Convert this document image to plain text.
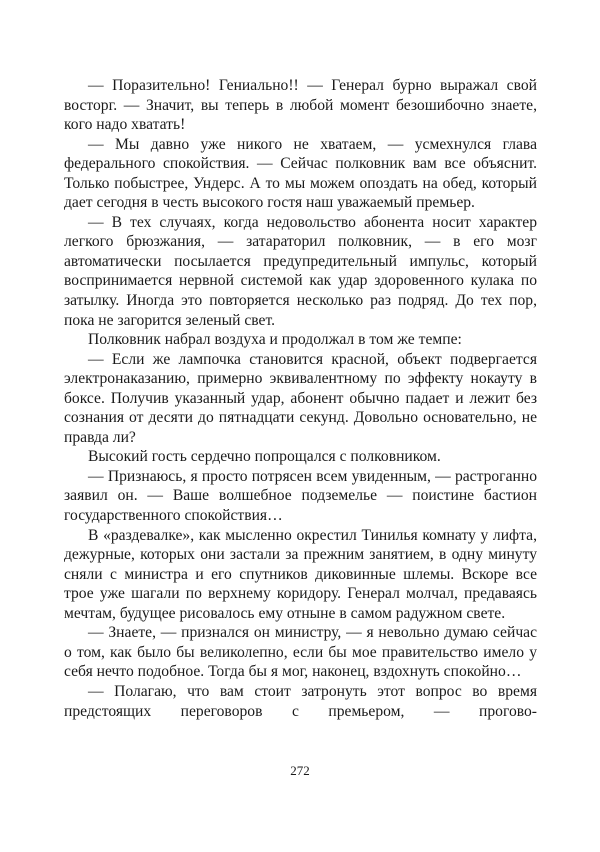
— Поразительно! Гениально!! — Генерал бурно выражал свой восторг. — Значит, вы теперь в любой момент безошибочно знаете, кого надо хватать!

— Мы давно уже никого не хватаем, — усмехнулся глава федерального спокойствия. — Сейчас полковник вам все объяснит. Только побыстрее, Ундерс. А то мы можем опоздать на обед, который дает сегодня в честь высокого гостя наш уважаемый премьер.

— В тех случаях, когда недовольство абонента носит характер легкого брюзжания, — затараторил полковник, — в его мозг автоматически посылается предупредительный импульс, который воспринимается нервной системой как удар здоровенного кулака по затылку. Иногда это повторяется несколько раз подряд. До тех пор, пока не загорится зеленый свет.

Полковник набрал воздуха и продолжал в том же темпе:

— Если же лампочка становится красной, объект подвергается электронаказанию, примерно эквивалентному по эффекту нокауту в боксе. Получив указанный удар, абонент обычно падает и лежит без сознания от десяти до пятнадцати секунд. Довольно основательно, не правда ли?

Высокий гость сердечно попрощался с полковником.

— Признаюсь, я просто потрясен всем увиденным, — растроганно заявил он. — Ваше волшебное подземелье — поистине бастион государственного спокойствия…

В «раздевалке», как мысленно окрестил Тинилья комнату у лифта, дежурные, которых они застали за прежним занятием, в одну минуту сняли с министра и его спутников диковинные шлемы. Вскоре все трое уже шагали по верхнему коридору. Генерал молчал, предаваясь мечтам, будущее рисовалось ему отныне в самом радужном свете.

— Знаете, — признался он министру, — я невольно думаю сейчас о том, как было бы великолепно, если бы мое правительство имело у себя нечто подобное. Тогда бы я мог, наконец, вздохнуть спокойно…

— Полагаю, что вам стоит затронуть этот вопрос во время предстоящих переговоров с премьером, — прогово-

272
